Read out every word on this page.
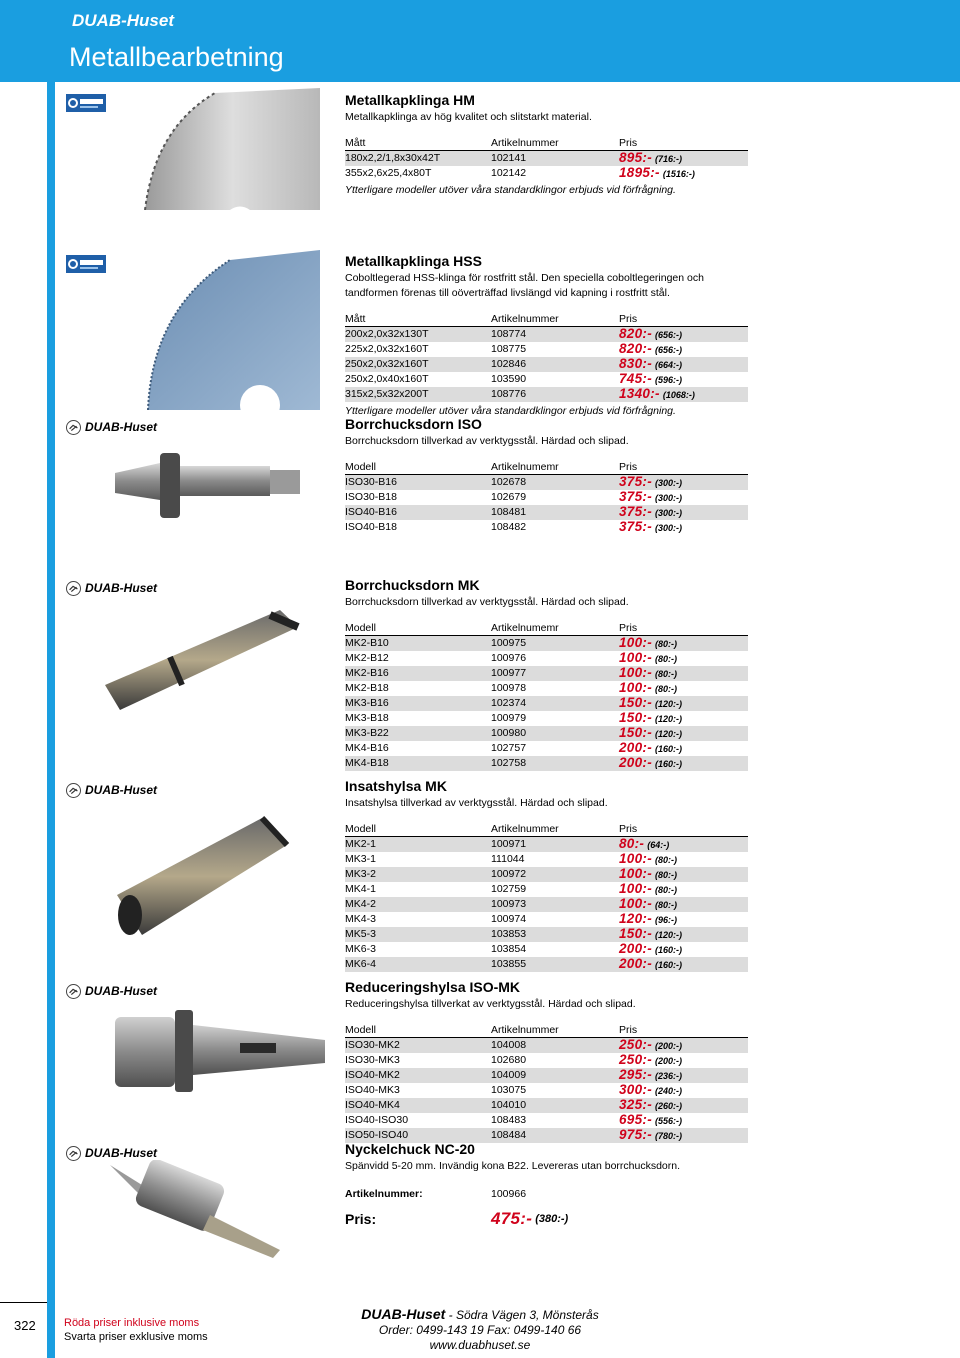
DUAB-Huset
Metallbearbetning
DUAB-Huset
DUAB-Huset
DUAB-Huset
DUAB-Huset
DUAB-Huset
Metallkapklinga HM
Metallkapklinga av hög kvalitet och slitstarkt material.
Mått	Artikelnummer	Pris
180x2,2/1,8x30x42T	102141	895:- (716:-)
355x2,6x25,4x80T	102142	1895:- (1516:-)
Ytterligare modeller utöver våra standardklingor erbjuds vid förfrågning.
Metallkapklinga HSS
Coboltlegerad HSS-klinga för rostfritt stål. Den speciella coboltlegeringen och tandformen förenas till oöverträffad livslängd vid kapning i rostfritt stål.
Mått	Artikelnummer	Pris
200x2,0x32x130T	108774	820:- (656:-)
225x2,0x32x160T	108775	820:- (656:-)
250x2,0x32x160T	102846	830:- (664:-)
250x2,0x40x160T	103590	745:- (596:-)
315x2,5x32x200T	108776	1340:- (1068:-)
Ytterligare modeller utöver våra standardklingor erbjuds vid förfrågning.
Borrchucksdorn ISO
Borrchucksdorn tillverkad av verktygsstål. Härdad och slipad.
Modell	Artikelnumemr	Pris
ISO30-B16	102678	375:- (300:-)
ISO30-B18	102679	375:- (300:-)
ISO40-B16	108481	375:- (300:-)
ISO40-B18	108482	375:- (300:-)
Borrchucksdorn MK
Borrchucksdorn tillverkad av verktygsstål. Härdad och slipad.
Modell	Artikelnumemr	Pris
MK2-B10	100975	100:- (80:-)
MK2-B12	100976	100:- (80:-)
MK2-B16	100977	100:- (80:-)
MK2-B18	100978	100:- (80:-)
MK3-B16	102374	150:- (120:-)
MK3-B18	100979	150:- (120:-)
MK3-B22	100980	150:- (120:-)
MK4-B16	102757	200:- (160:-)
MK4-B18	102758	200:- (160:-)
Insatshylsa MK
Insatshylsa tillverkad av verktygsstål. Härdad och slipad.
Modell	Artikelnummer	Pris
MK2-1	100971	80:- (64:-)
MK3-1	111044	100:- (80:-)
MK3-2	100972	100:- (80:-)
MK4-1	102759	100:- (80:-)
MK4-2	100973	100:- (80:-)
MK4-3	100974	120:- (96:-)
MK5-3	103853	150:- (120:-)
MK6-3	103854	200:- (160:-)
MK6-4	103855	200:- (160:-)
Reduceringshylsa ISO-MK
Reduceringshylsa tillverkat av verktygsstål. Härdad och slipad.
Modell	Artikelnummer	Pris
ISO30-MK2	104008	250:- (200:-)
ISO30-MK3	102680	250:- (200:-)
ISO40-MK2	104009	295:- (236:-)
ISO40-MK3	103075	300:- (240:-)
ISO40-MK4	104010	325:- (260:-)
ISO40-ISO30	108483	695:- (556:-)
ISO50-ISO40	108484	975:- (780:-)
Nyckelchuck NC-20
Spänvidd 5-20 mm. Invändig kona B22. Levereras utan borrchucksdorn.
Artikelnummer:	100966
Pris:	475:- (380:-)
322	Röda priser inklusive moms
Svarta priser exklusive moms
DUAB-Huset - Södra Vägen 3, Mönsterås
Order: 0499-143 19 Fax: 0499-140 66
www.duabhuset.se
